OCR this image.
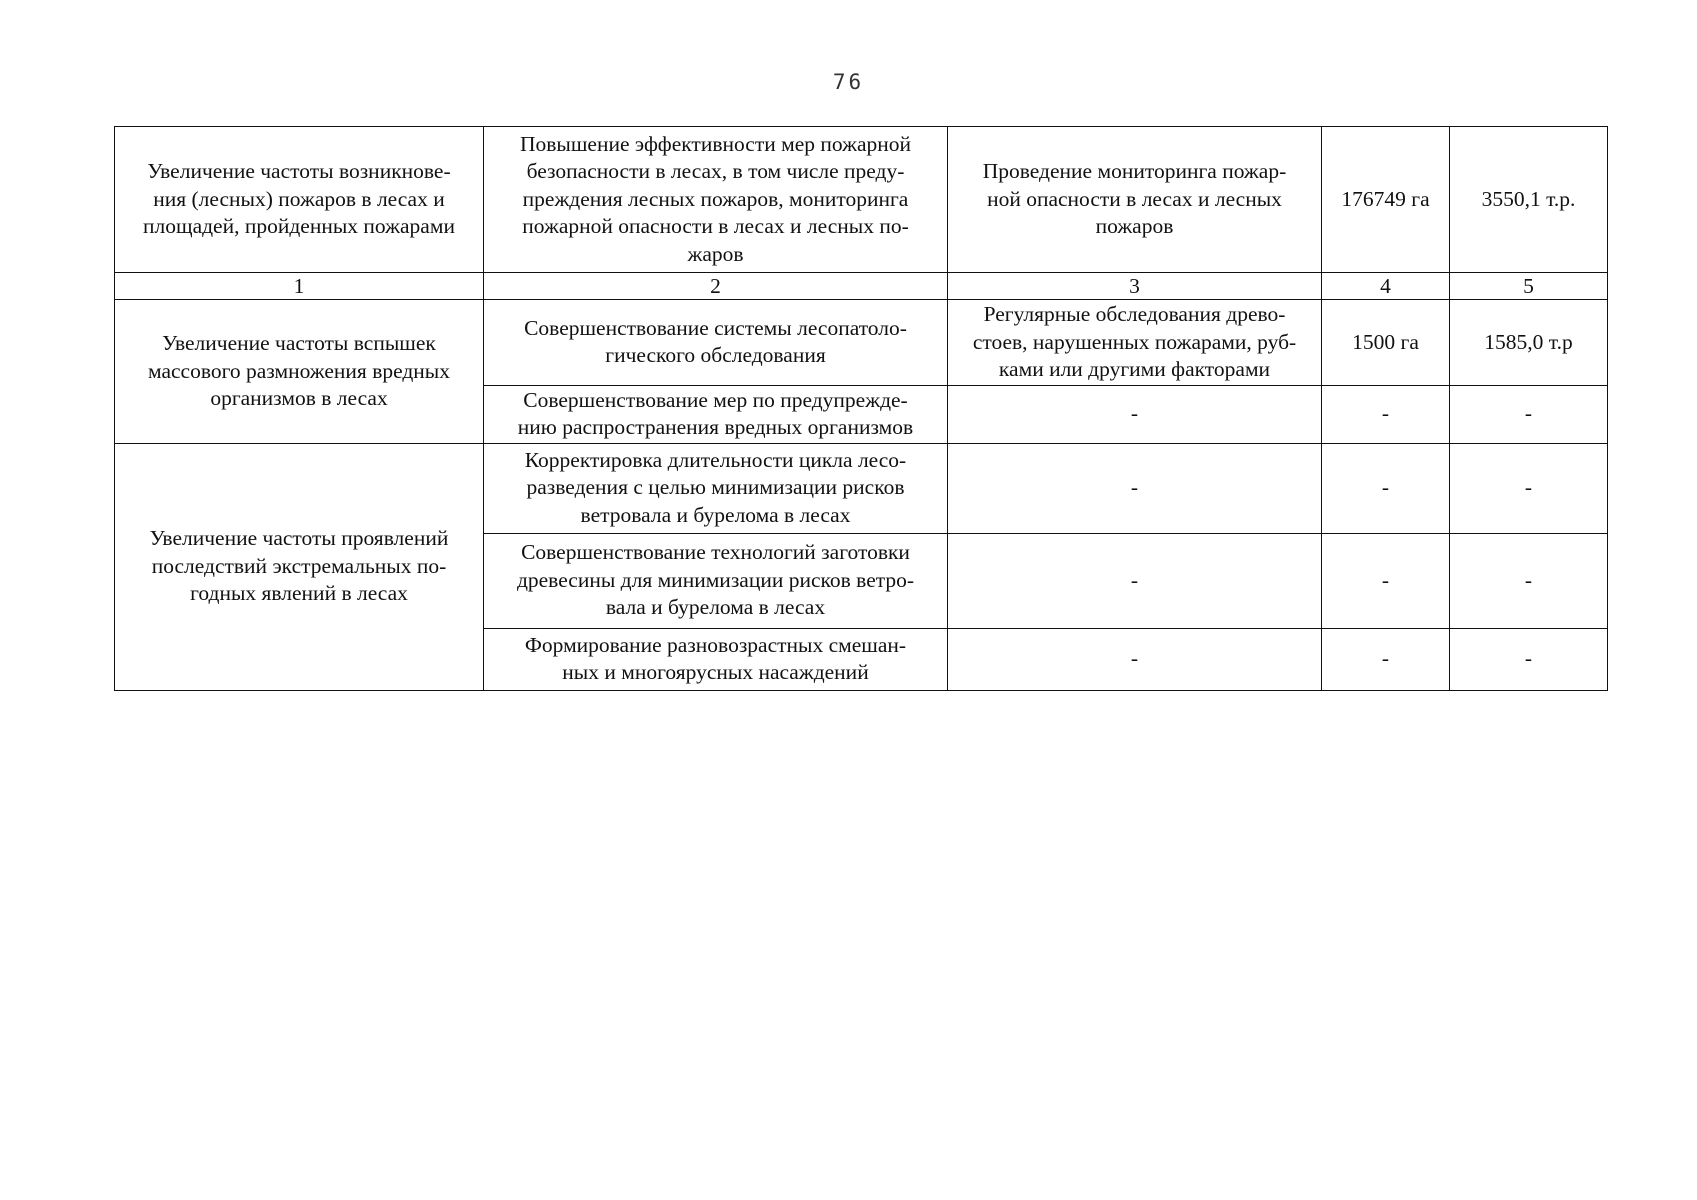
76
Увеличение частоты возникнове-
ния (лесных) пожаров в лесах и
площадей, пройденных пожарами	Повышение эффективности мер пожарной
безопасности в лесах, в том числе преду-
преждения лесных пожаров, мониторинга
пожарной опасности в лесах и лесных по-
жаров	Проведение мониторинга пожар-
ной опасности в лесах и лесных
пожаров	176749 га	3550,1 т.р.
1	2	3	4	5
Увеличение частоты вспышек
массового размножения вредных
организмов в лесах	Совершенствование системы лесопатоло-
гического обследования	Регулярные обследования древо-
стоев, нарушенных пожарами, руб-
ками или другими факторами	1500 га	1585,0 т.р
	Совершенствование мер по предупрежде-
нию распространения вредных организмов	-	-	-
Увеличение частоты проявлений
последствий экстремальных по-
годных явлений в лесах	Корректировка длительности цикла лесо-
разведения с целью минимизации рисков
ветровала и бурелома в лесах	-	-	-
	Совершенствование технологий заготовки
древесины для минимизации рисков ветро-
вала и бурелома в лесах	-	-	-
	Формирование разновозрастных смешан-
ных и многоярусных насаждений	-	-	-
